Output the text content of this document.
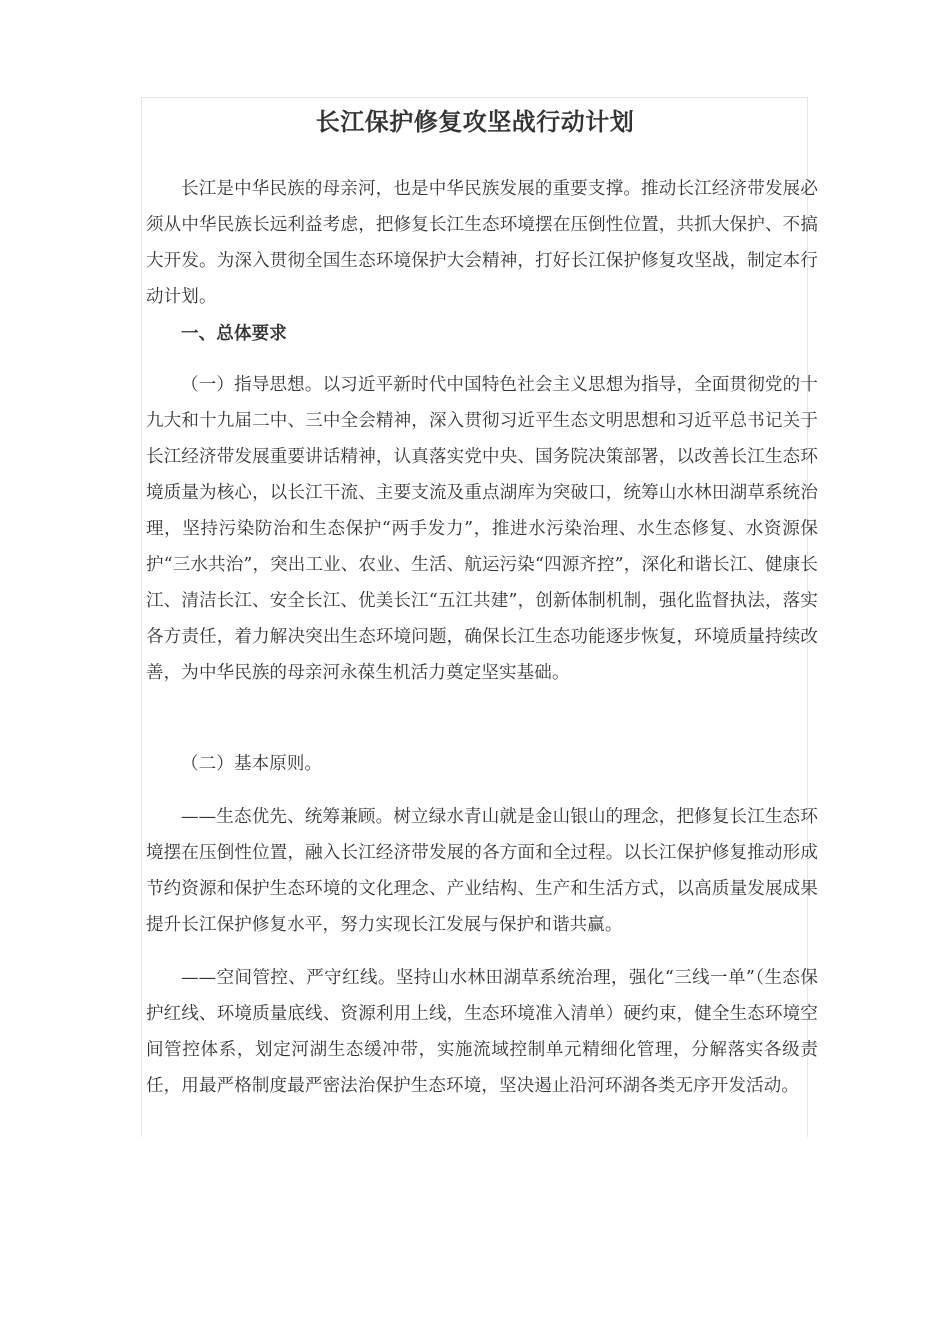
长江保护修复攻坚战行动计划

长江是中华民族的母亲河，也是中华民族发展的重要支撑。推动长江经济带发展必须从中华民族长远利益考虑，把修复长江生态环境摆在压倒性位置，共抓大保护、不搞大开发。为深入贯彻全国生态环境保护大会精神，打好长江保护修复攻坚战，制定本行动计划。

一、总体要求

（一）指导思想。以习近平新时代中国特色社会主义思想为指导，全面贯彻党的十九大和十九届二中、三中全会精神，深入贯彻习近平生态文明思想和习近平总书记关于长江经济带发展重要讲话精神，认真落实党中央、国务院决策部署，以改善长江生态环境质量为核心，以长江干流、主要支流及重点湖库为突破口，统筹山水林田湖草系统治理，坚持污染防治和生态保护“两手发力”，推进水污染治理、水生态修复、水资源保护“三水共治”，突出工业、农业、生活、航运污染“四源齐控”，深化和谐长江、健康长江、清洁长江、安全长江、优美长江“五江共建”，创新体制机制，强化监督执法，落实各方责任，着力解决突出生态环境问题，确保长江生态功能逐步恢复，环境质量持续改善，为中华民族的母亲河永葆生机活力奠定坚实基础。

（二）基本原则。

——生态优先、统筹兼顾。树立绿水青山就是金山银山的理念，把修复长江生态环境摆在压倒性位置，融入长江经济带发展的各方面和全过程。以长江保护修复推动形成节约资源和保护生态环境的文化理念、产业结构、生产和生活方式，以高质量发展成果提升长江保护修复水平，努力实现长江发展与保护和谐共赢。

——空间管控、严守红线。坚持山水林田湖草系统治理，强化“三线一单”（生态保护红线、环境质量底线、资源利用上线，生态环境准入清单）硬约束，健全生态环境空间管控体系，划定河湖生态缓冲带，实施流域控制单元精细化管理，分解落实各级责任，用最严格制度最严密法治保护生态环境，坚决遏止沿河环湖各类无序开发活动。
